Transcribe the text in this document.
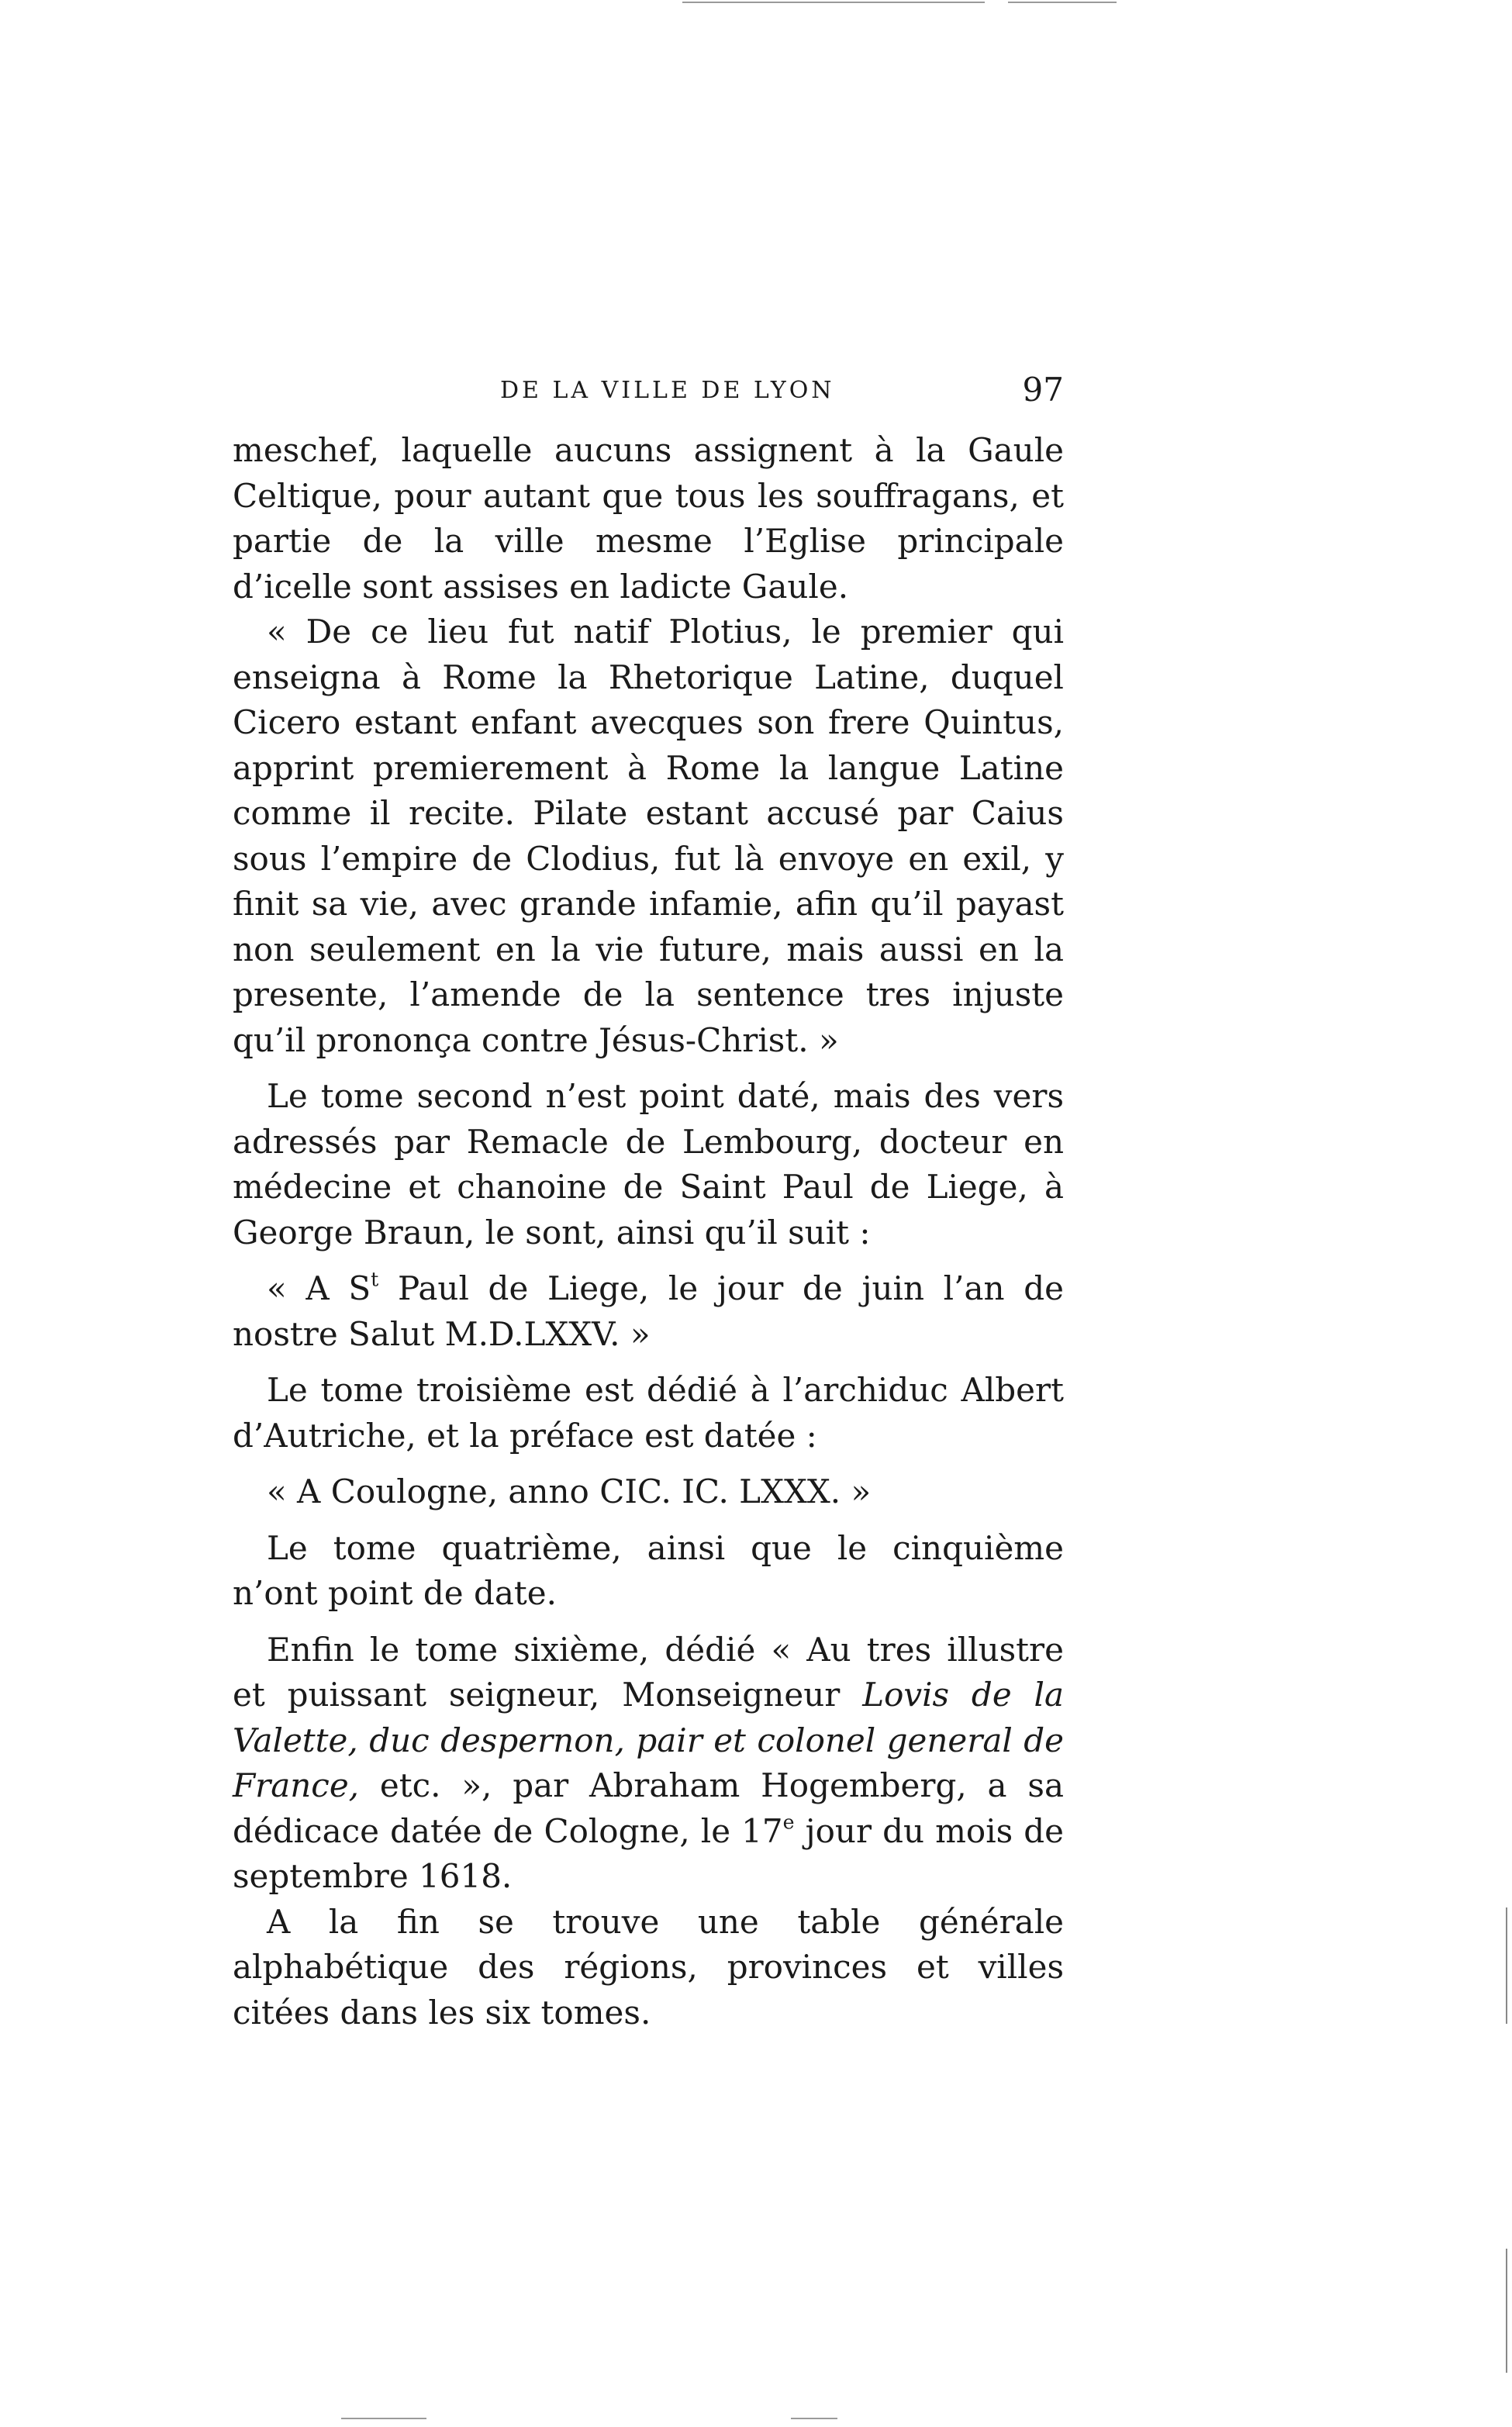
DE LA VILLE DE LYON	97

meschef, laquelle aucuns assignent à la Gaule Celtique, pour autant que tous les souffragans, et partie de la ville mesme l’Eglise principale d’icelle sont assises en ladicte Gaule.

« De ce lieu fut natif Plotius, le premier qui enseigna à Rome la Rhetorique Latine, duquel Cicero estant enfant avecques son frere Quintus, apprint premierement à Rome la langue Latine comme il recite. Pilate estant accusé par Caius sous l’empire de Clodius, fut là envoye en exil, y finit sa vie, avec grande infamie, afin qu’il payast non seulement en la vie future, mais aussi en la presente, l’amende de la sentence tres injuste qu’il prononça contre Jésus-Christ. »

Le tome second n’est point daté, mais des vers adressés par Remacle de Lembourg, docteur en médecine et chanoine de Saint Paul de Liege, à George Braun, le sont, ainsi qu’il suit :

« A $S^t$ Paul de Liege, le jour de juin l’an de nostre Salut M.D.LXXV. »

Le tome troisième est dédié à l’archiduc Albert d’Autriche, et la préface est datée :

« A Coulogne, anno CIC. IC. LXXX. »

Le tome quatrième, ainsi que le cinquième n’ont point de date.

Enfin le tome sixième, dédié « Au tres illustre et puissant seigneur, Monseigneur Lovis de la Valette, duc despernon, pair et colonel general de France, etc. », par Abraham Hogemberg, a sa dédicace datée de Cologne, le 17e jour du mois de septembre 1618.

A la fin se trouve une table générale alphabétique des régions, provinces et villes citées dans les six tomes.
